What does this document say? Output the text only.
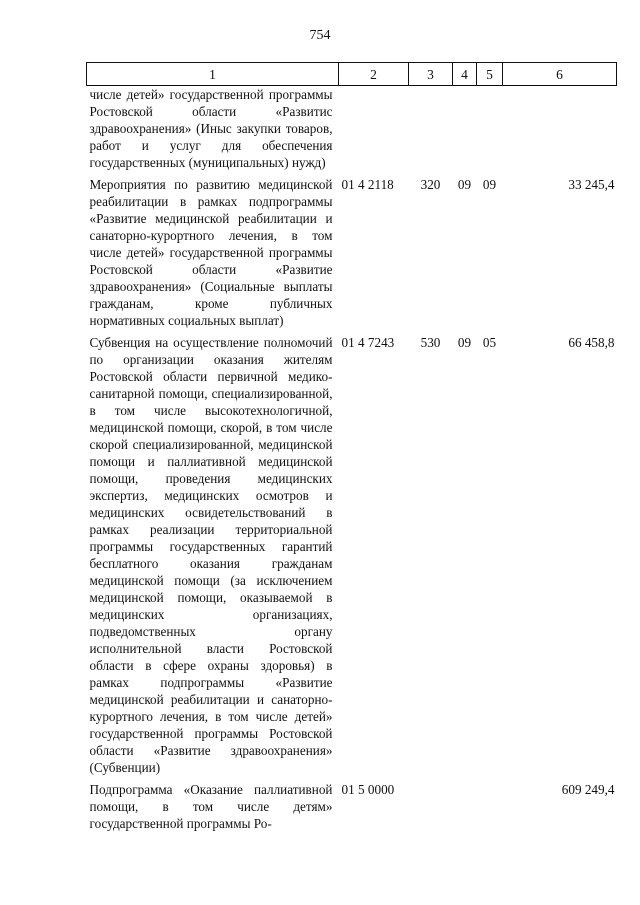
754
1	2	3	4	5	6
числе детей» государственной программы Ростовской области «Развитис здравоохранения» (Иныс закупки товаров, работ и услуг для обеспечения государственных (муниципальных) нужд)					
Мероприятия по развитию медицинской реабилитации в рамках подпрограммы «Развитие медицинской реабилитации и санаторно-курортного лечения, в том числе детей» государственной программы Ростовской области «Развитие здравоохранения» (Социальные выплаты гражданам, кроме публичных нормативных социальных выплат)	01 4 2118	320	09	09	33 245,4
Субвенция на осуществление полномочий по организации оказания жителям Ростовской области первичной медико-санитарной помощи, специализированной, в том числе высокотехнологичной, медицинской помощи, скорой, в том числе скорой специализированной, медицинской помощи и паллиативной медицинской помощи, проведения медицинских экспертиз, медицинских осмотров и медицинских освидетельствований в рамках реализации территориальной программы государственных гарантий бесплатного оказания гражданам медицинской помощи (за исключением медицинской помощи, оказываемой в медицинских организациях, подведомственных органу исполнительной власти Ростовской области в сфере охраны здоровья) в рамках подпрограммы «Развитие медицинской реабилитации и санаторно-курортного лечения, в том числе детей» государственной программы Ростовской области «Развитие здравоохранения» (Субвенции)	01 4 7243	530	09	05	66 458,8
Подпрограмма «Оказание паллиативной помощи, в том числе детям» государственной программы Ро-	01 5 0000				609 249,4
